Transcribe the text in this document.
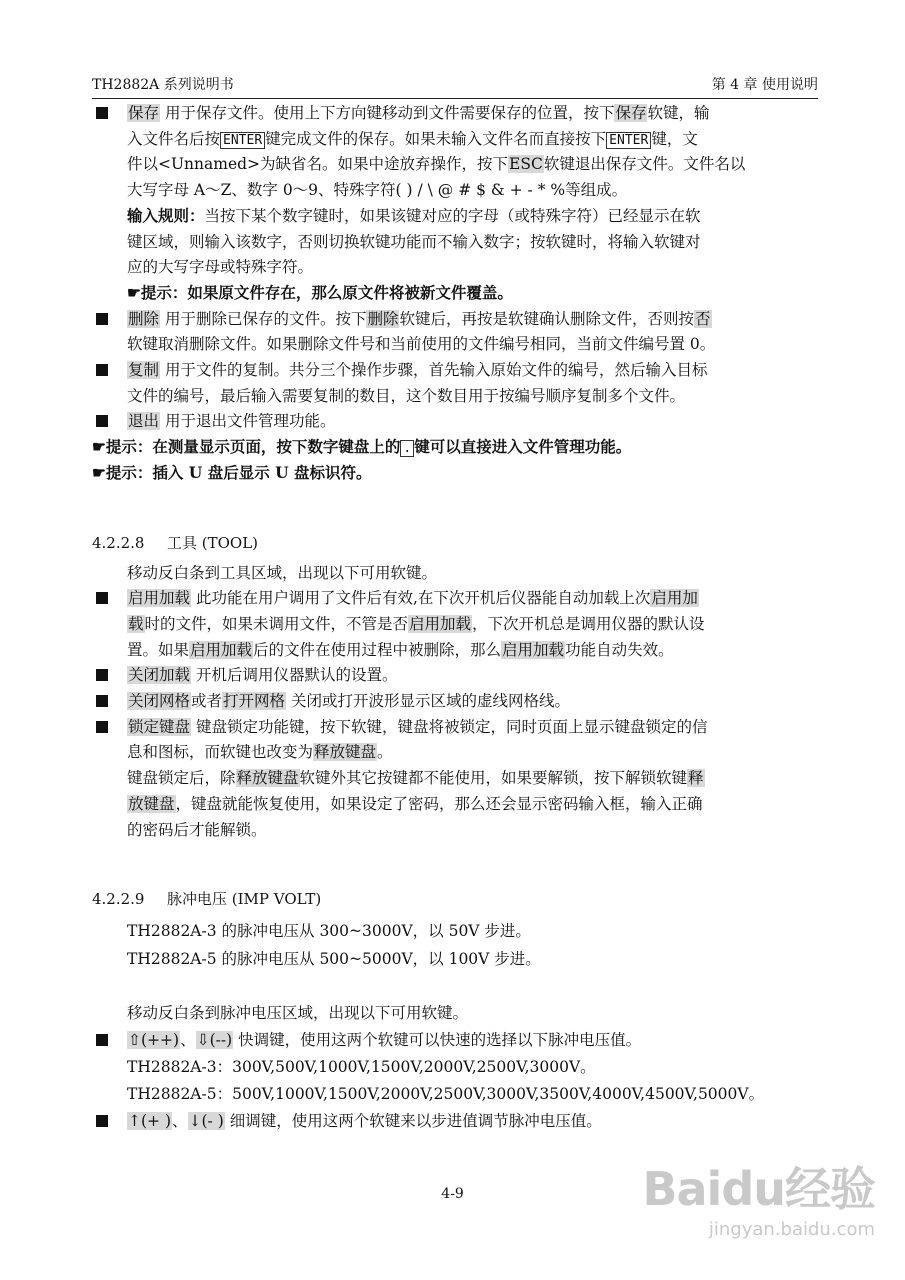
TH2882A 系列说明书	第 4 章 使用说明
保存 用于保存文件。使用上下方向键移动到文件需要保存的位置，按下保存软键，输
入文件名后按 ENTER 键完成文件的保存。如果未输入文件名而直接按下 ENTER 键，文
件以<Unnamed>为缺省名。如果中途放弃操作，按下ESC软键退出保存文件。文件名以
大写字母 A～Z、数字 0～9、特殊字符( ) / \ @ # $ & + - * %等组成。
输入规则：当按下某个数字键时，如果该键对应的字母（或特殊字符）已经显示在软
键区域，则输入该数字，否则切换软键功能而不输入数字；按软键时，将输入软键对
应的大写字母或特殊字符。
☛提示：如果原文件存在，那么原文件将被新文件覆盖。
删除 用于删除已保存的文件。按下删除软键后，再按是软键确认删除文件，否则按否
软键取消删除文件。如果删除文件号和当前使用的文件编号相同，当前文件编号置 0。
复制 用于文件的复制。共分三个操作步骤，首先输入原始文件的编号，然后输入目标
文件的编号，最后输入需要复制的数目，这个数目用于按编号顺序复制多个文件。
退出 用于退出文件管理功能。
☛提示：在测量显示页面，按下数字键盘上的 . 键可以直接进入文件管理功能。
☛提示：插入 U 盘后显示 U 盘标识符。
4.2.2.8 工具 (TOOL)
移动反白条到工具区域，出现以下可用软键。
启用加载 此功能在用户调用了文件后有效,在下次开机后仪器能自动加载上次启用加
载时的文件，如果未调用文件，不管是否启用加载，下次开机总是调用仪器的默认设
置。如果启用加载后的文件在使用过程中被删除，那么启用加载功能自动失效。
关闭加载 开机后调用仪器默认的设置。
关闭网格或者打开网格 关闭或打开波形显示区域的虚线网格线。
锁定键盘 键盘锁定功能键，按下软键，键盘将被锁定，同时页面上显示键盘锁定的信
息和图标，而软键也改变为释放键盘。
键盘锁定后，除释放键盘软键外其它按键都不能使用，如果要解锁，按下解锁软键释
放键盘，键盘就能恢复使用，如果设定了密码，那么还会显示密码输入框，输入正确
的密码后才能解锁。
4.2.2.9 脉冲电压 (IMP VOLT)
TH2882A-3 的脉冲电压从 300~3000V，以 50V 步进。
TH2882A-5 的脉冲电压从 500~5000V，以 100V 步进。
移动反白条到脉冲电压区域，出现以下可用软键。
⇧(++)、⇩(--) 快调键，使用这两个软键可以快速的选择以下脉冲电压值。
TH2882A-3：300V,500V,1000V,1500V,2000V,2500V,3000V。
TH2882A-5：500V,1000V,1500V,2000V,2500V,3000V,3500V,4000V,4500V,5000V。
↑(+ )、↓(- ) 细调键，使用这两个软键来以步进值调节脉冲电压值。
4-9	Baidu经验
jingyan.baidu.com
